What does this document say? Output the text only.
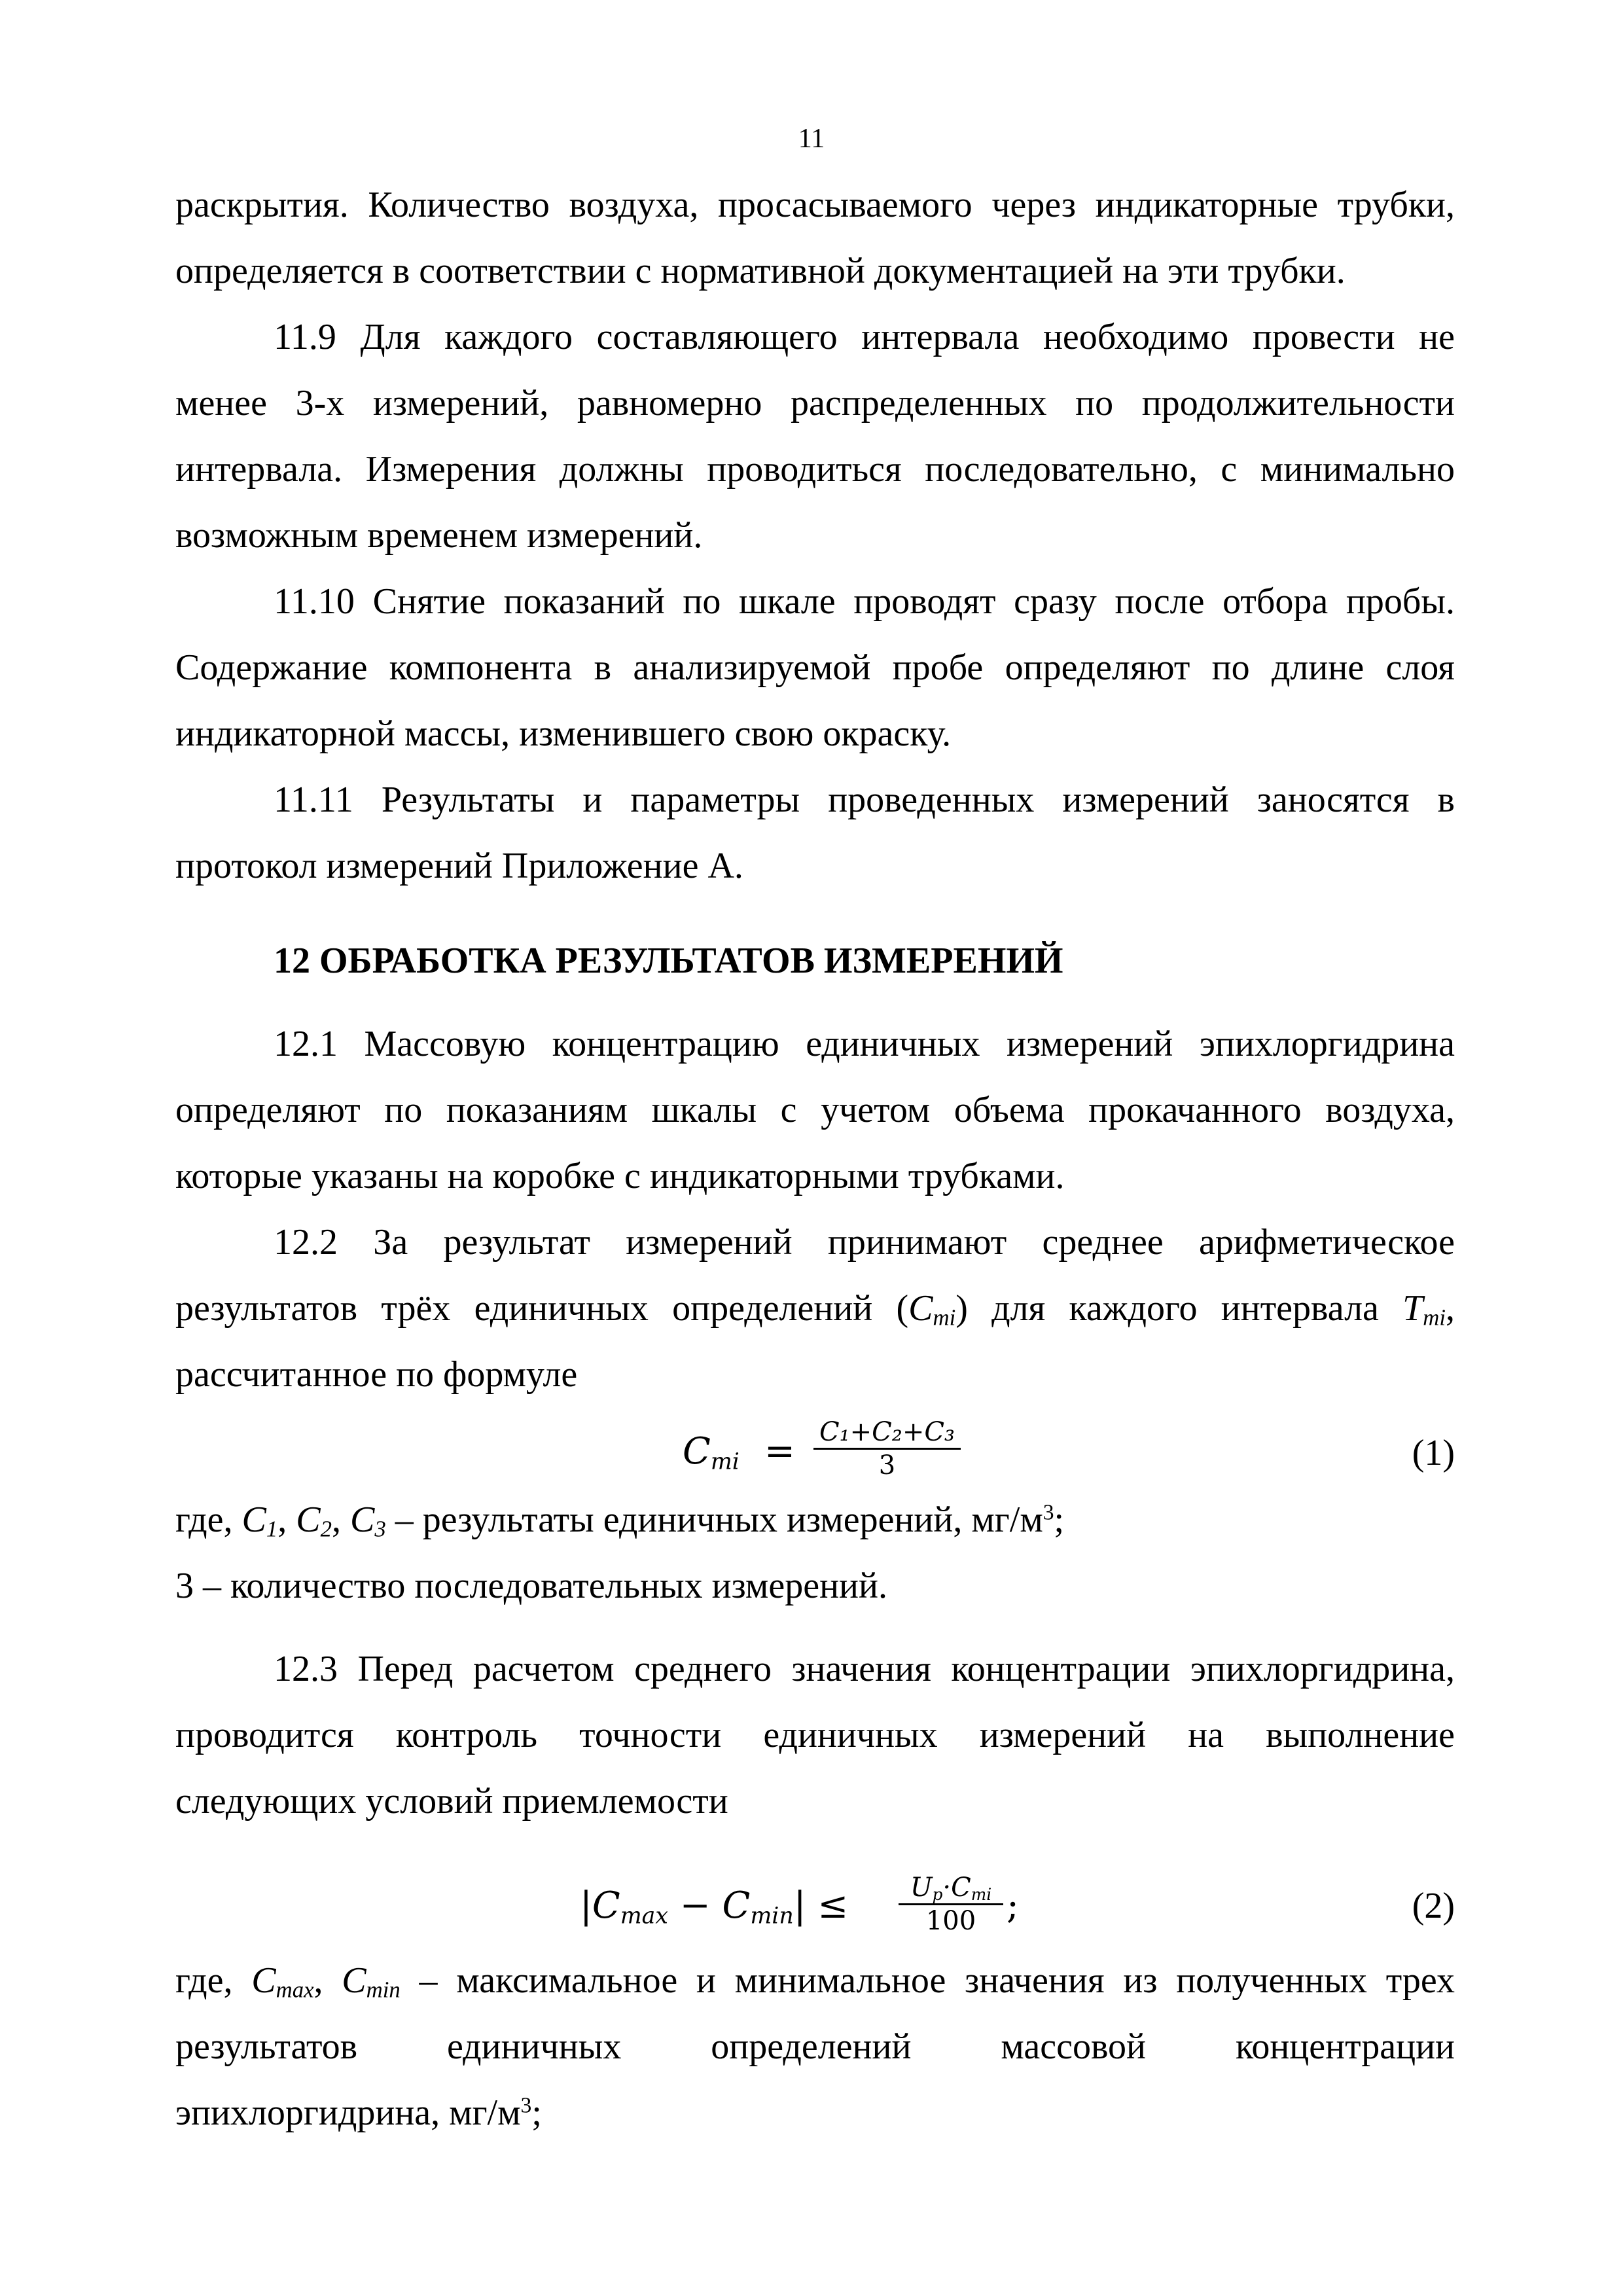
11
раскрытия. Количество воздуха, просасываемого через индикаторные трубки,
определяется в соответствии с нормативной документацией на эти трубки.
11.9 Для каждого составляющего интервала необходимо провести не
менее 3-х измерений, равномерно распределенных по продолжительности
интервала. Измерения должны проводиться последовательно, с минимально
возможным временем измерений.
11.10 Снятие показаний по шкале проводят сразу после отбора пробы.
Содержание компонента в анализируемой пробе определяют по длине слоя
индикаторной массы, изменившего свою окраску.
11.11 Результаты и параметры проведенных измерений заносятся в
протокол измерений Приложение А.
12 ОБРАБОТКА РЕЗУЛЬТАТОВ ИЗМЕРЕНИЙ
12.1 Массовую концентрацию единичных измерений эпихлоргидрина
определяют по показаниям шкалы с учетом объема прокачанного воздуха,
которые указаны на коробке с индикаторными трубками.
12.2 За результат измерений принимают среднее арифметическое
результатов трёх единичных определений $(C_{mi})$ для каждого интервала $T_{mi}$,
рассчитанное по формуле
Cmi = C₁+C₂+C₃
3	(1)
где, $C_1$, $C_2$, $C_3$ – результаты единичных измерений, $мг/м^3$;
3 – количество последовательных измерений.
12.3 Перед расчетом среднего значения концентрации эпихлоргидрина,
проводится контроль точности единичных измерений на выполнение
следующих условий приемлемости
|Cmax − Cmin| ≤	Up·Cmi
100 ;	(2)
где, $C_{max}$, $C_{min}$ – максимальное и минимальное значения из полученных трех
результатов единичных определений массовой концентрации
эпихлоргидрина, $мг/м^3$;
